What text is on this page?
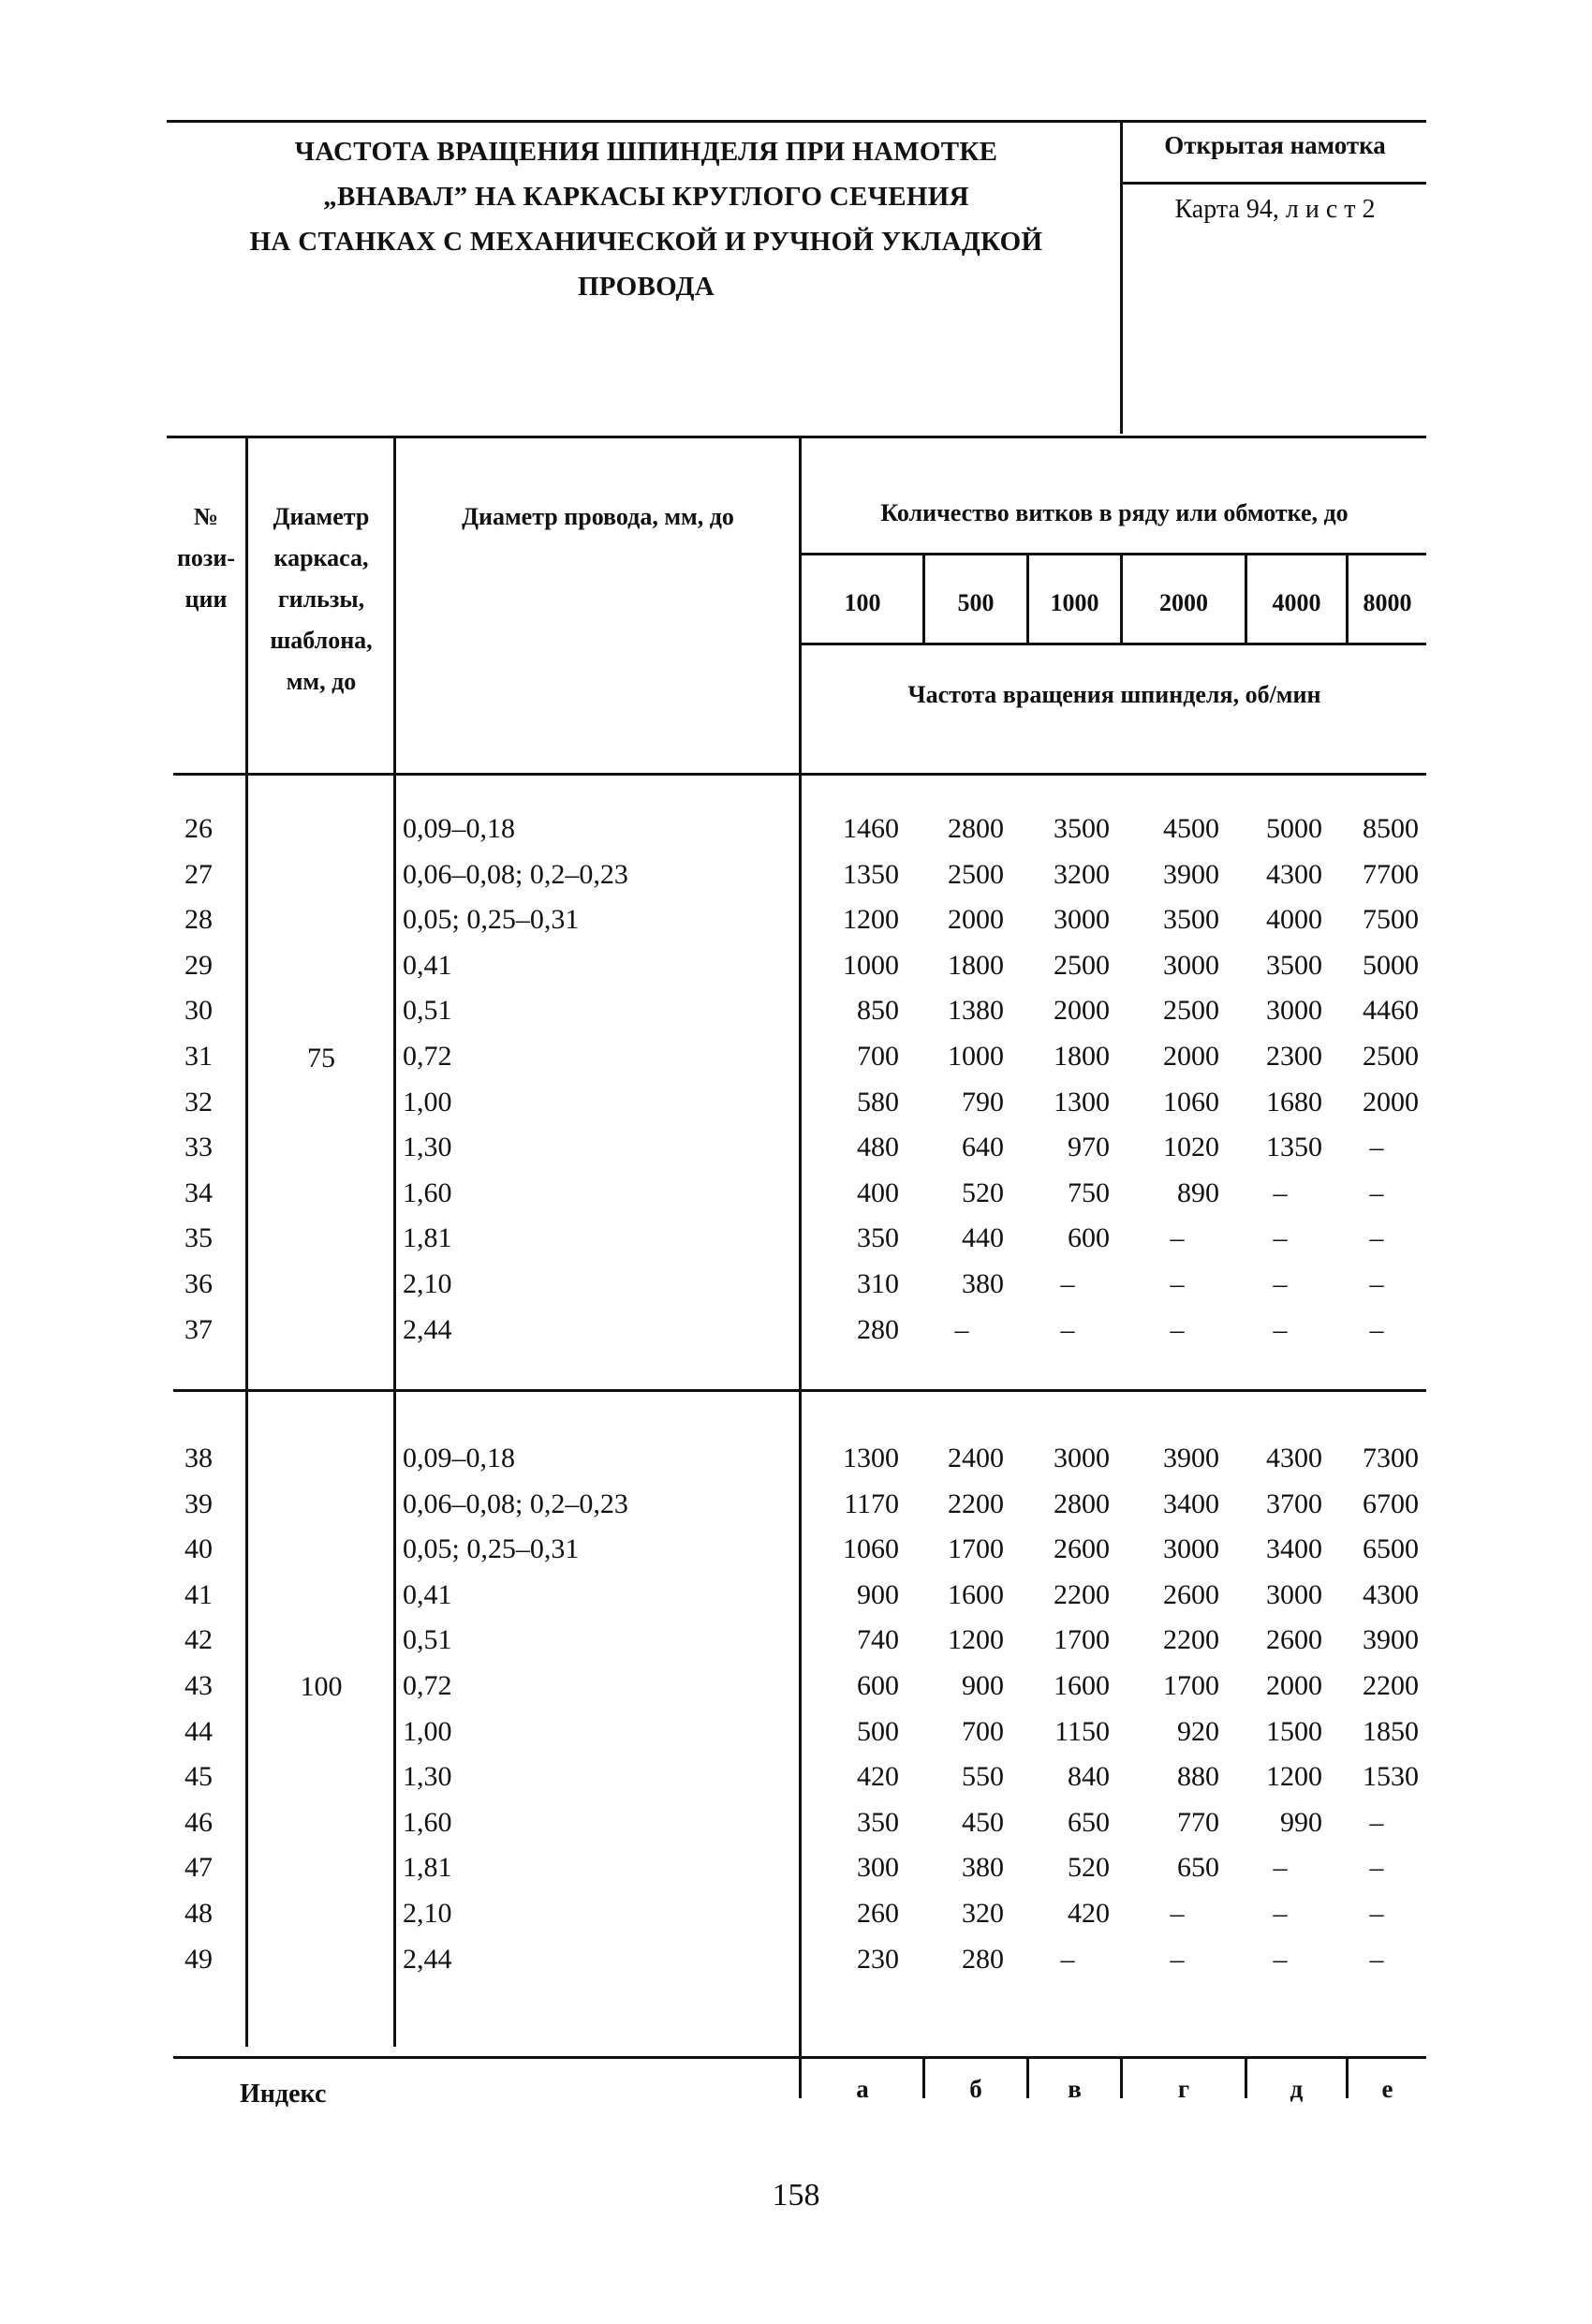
ЧАСТОТА ВРАЩЕНИЯ ШПИНДЕЛЯ ПРИ НАМОТКЕ
„ВНАВАЛ” НА КАРКАСЫ КРУГЛОГО СЕЧЕНИЯ
НА СТАНКАХ С МЕХАНИЧЕСКОЙ И РУЧНОЙ УКЛАДКОЙ
ПРОВОДА
Открытая намотка
Карта 94, л и с т 2
№
пози-
ции
Диаметр
каркаса,
гильзы,
шаблона,
мм, до
Диаметр провода, мм, до	Количество витков в ряду или обмотке, до
100	500	1000	2000	4000	8000
Частота вращения шпинделя, об/мин
75
26	0,09–0,18	1460	2800	3500	4500	5000	8500
27	0,06–0,08; 0,2–0,23	1350	2500	3200	3900	4300	7700
28	0,05; 0,25–0,31	1200	2000	3000	3500	4000	7500
29	0,41	1000	1800	2500	3000	3500	5000
30	0,51	850	1380	2000	2500	3000	4460
31	0,72	700	1000	1800	2000	2300	2500
32	1,00	580	790	1300	1060	1680	2000
33	1,30	480	640	970	1020	1350	–
34	1,60	400	520	750	890	–	–
35	1,81	350	440	600	–	–	–
36	2,10	310	380	–	–	–	–
37	2,44	280	–	–	–	–	–
100
38	0,09–0,18	1300	2400	3000	3900	4300	7300
39	0,06–0,08; 0,2–0,23	1170	2200	2800	3400	3700	6700
40	0,05; 0,25–0,31	1060	1700	2600	3000	3400	6500
41	0,41	900	1600	2200	2600	3000	4300
42	0,51	740	1200	1700	2200	2600	3900
43	0,72	600	900	1600	1700	2000	2200
44	1,00	500	700	1150	920	1500	1850
45	1,30	420	550	840	880	1200	1530
46	1,60	350	450	650	770	990	–
47	1,81	300	380	520	650	–	–
48	2,10	260	320	420	–	–	–
49	2,44	230	280	–	–	–	–
Индекс	а	б	в	г	д	е
158
